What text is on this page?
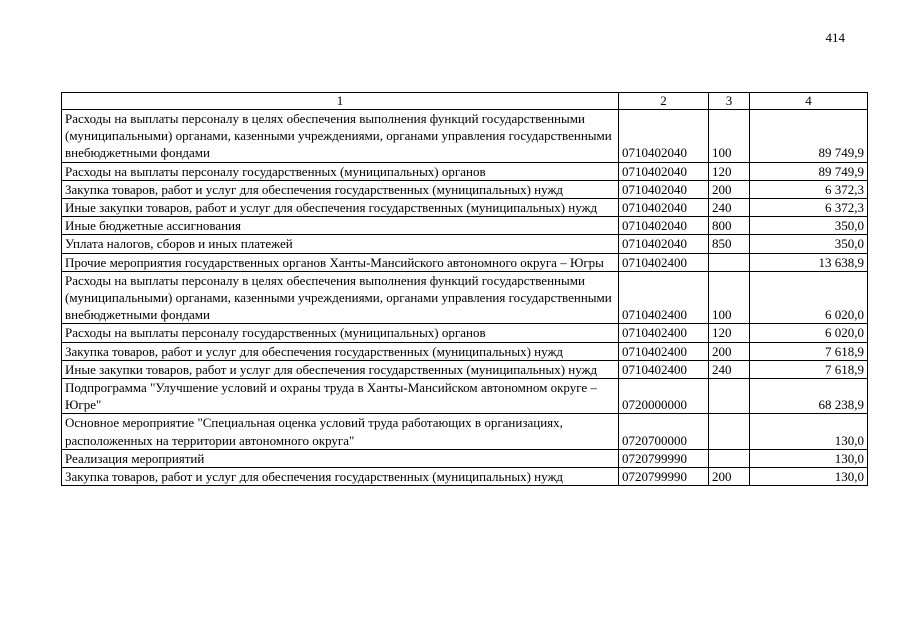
414
1	2	3	4
Расходы на выплаты персоналу в целях обеспечения выполнения функций государственными (муниципальными) органами, казенными учреждениями, органами управления государственными внебюджетными фондами	0710402040	100	89 749,9
Расходы на выплаты персоналу государственных (муниципальных) органов	0710402040	120	89 749,9
Закупка товаров, работ и услуг для обеспечения государственных (муниципальных) нужд	0710402040	200	6 372,3
Иные закупки товаров, работ и услуг для обеспечения государственных (муниципальных) нужд	0710402040	240	6 372,3
Иные бюджетные ассигнования	0710402040	800	350,0
Уплата налогов, сборов и иных платежей	0710402040	850	350,0
Прочие мероприятия государственных органов Ханты-Мансийского автономного округа – Югры	0710402400		13 638,9
Расходы на выплаты персоналу в целях обеспечения выполнения функций государственными (муниципальными) органами, казенными учреждениями, органами управления государственными внебюджетными фондами	0710402400	100	6 020,0
Расходы на выплаты персоналу государственных (муниципальных) органов	0710402400	120	6 020,0
Закупка товаров, работ и услуг для обеспечения государственных (муниципальных) нужд	0710402400	200	7 618,9
Иные закупки товаров, работ и услуг для обеспечения государственных (муниципальных) нужд	0710402400	240	7 618,9
Подпрограмма "Улучшение условий и охраны труда в Ханты-Мансийском автономном округе – Югре"	0720000000		68 238,9
Основное мероприятие "Специальная оценка условий труда работающих в организациях, расположенных на территории автономного округа"	0720700000		130,0
Реализация мероприятий	0720799990		130,0
Закупка товаров, работ и услуг для обеспечения государственных (муниципальных) нужд	0720799990	200	130,0
